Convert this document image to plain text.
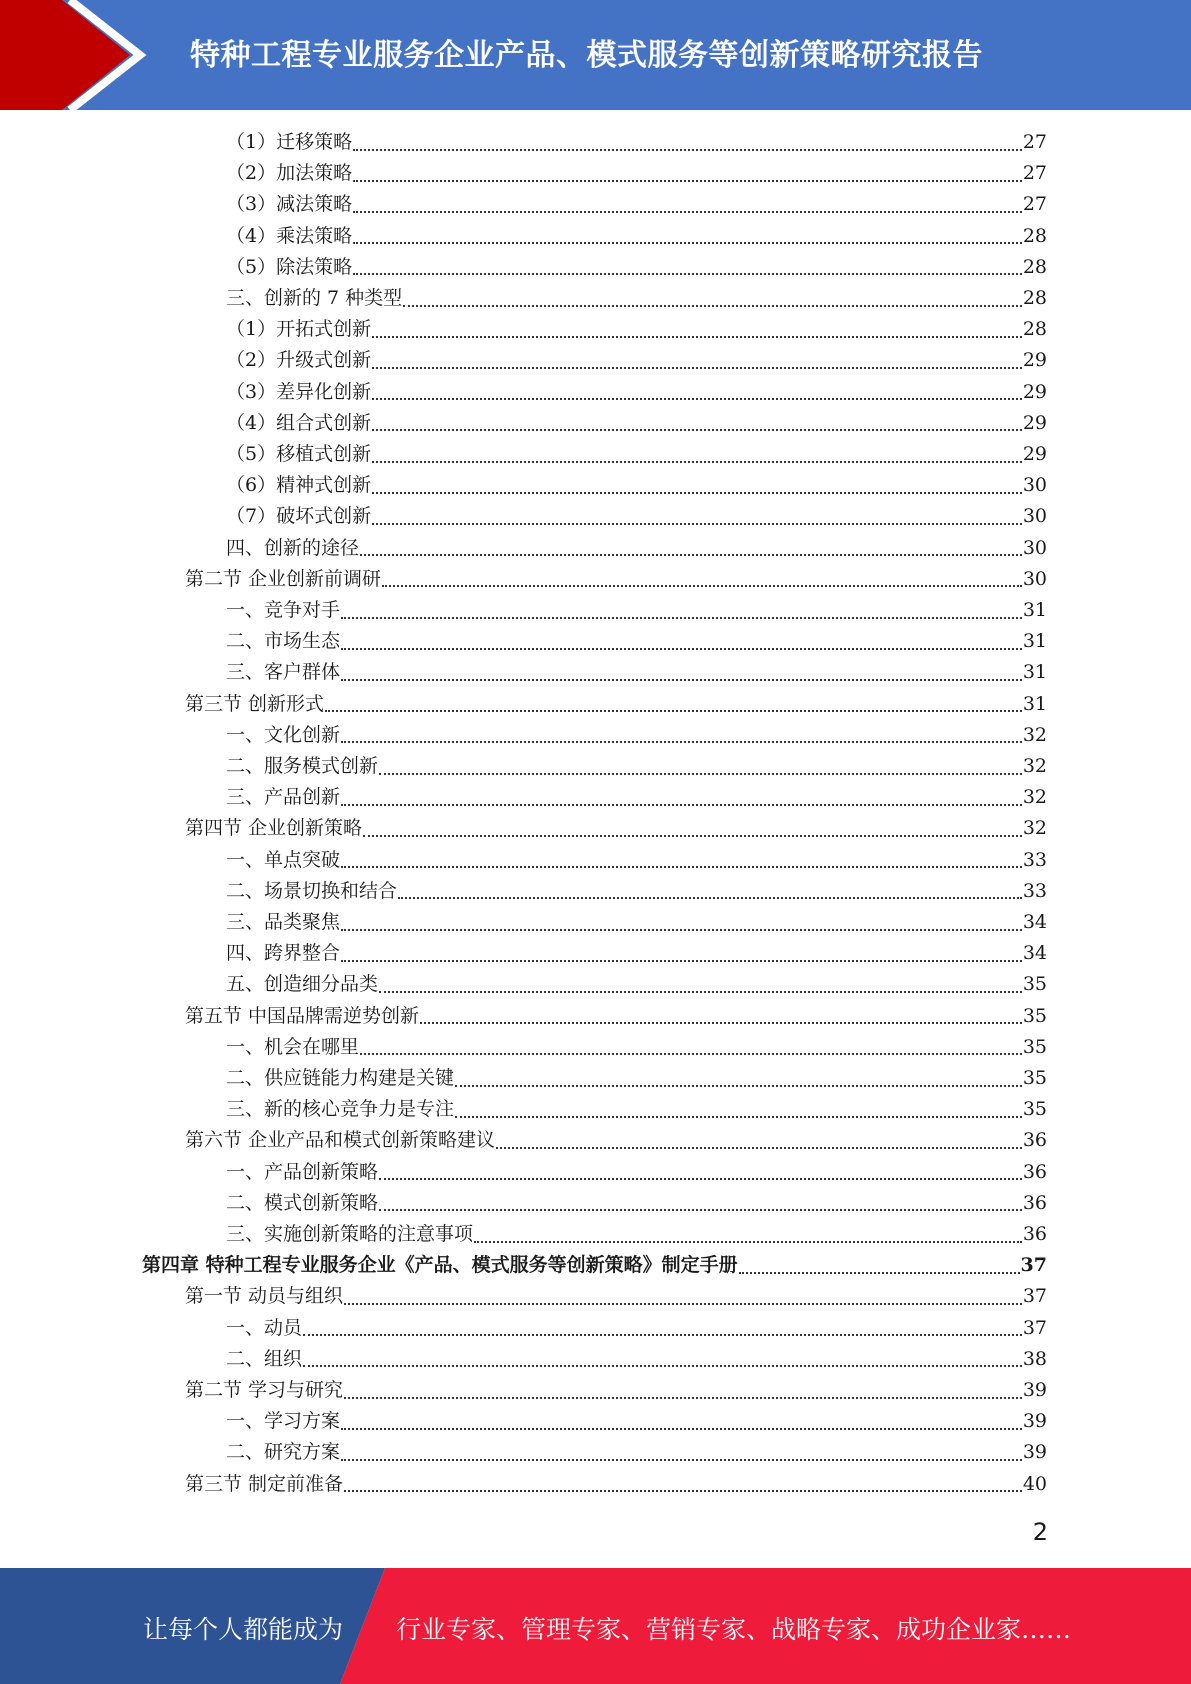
特种工程专业服务企业产品、模式服务等创新策略研究报告
（1）迁移策略	27
（2）加法策略	27
（3）减法策略	27
（4）乘法策略	28
（5）除法策略	28
三、创新的 7 种类型	28
（1）开拓式创新	28
（2）升级式创新	29
（3）差异化创新	29
（4）组合式创新	29
（5）移植式创新	29
（6）精神式创新	30
（7）破坏式创新	30
四、创新的途径	30
第二节 企业创新前调研	30
一、竞争对手	31
二、市场生态	31
三、客户群体	31
第三节 创新形式	31
一、文化创新	32
二、服务模式创新	32
三、产品创新	32
第四节 企业创新策略	32
一、单点突破	33
二、场景切换和结合	33
三、品类聚焦	34
四、跨界整合	34
五、创造细分品类	35
第五节 中国品牌需逆势创新	35
一、机会在哪里	35
二、供应链能力构建是关键	35
三、新的核心竞争力是专注	35
第六节 企业产品和模式创新策略建议	36
一、产品创新策略	36
二、模式创新策略	36
三、实施创新策略的注意事项	36
第四章 特种工程专业服务企业《产品、模式服务等创新策略》制定手册	37
第一节 动员与组织	37
一、动员	37
二、组织	38
第二节 学习与研究	39
一、学习方案	39
二、研究方案	39
第三节 制定前准备	40
2
让每个人都能成为 行业专家、管理专家、营销专家、战略专家、成功企业家……
